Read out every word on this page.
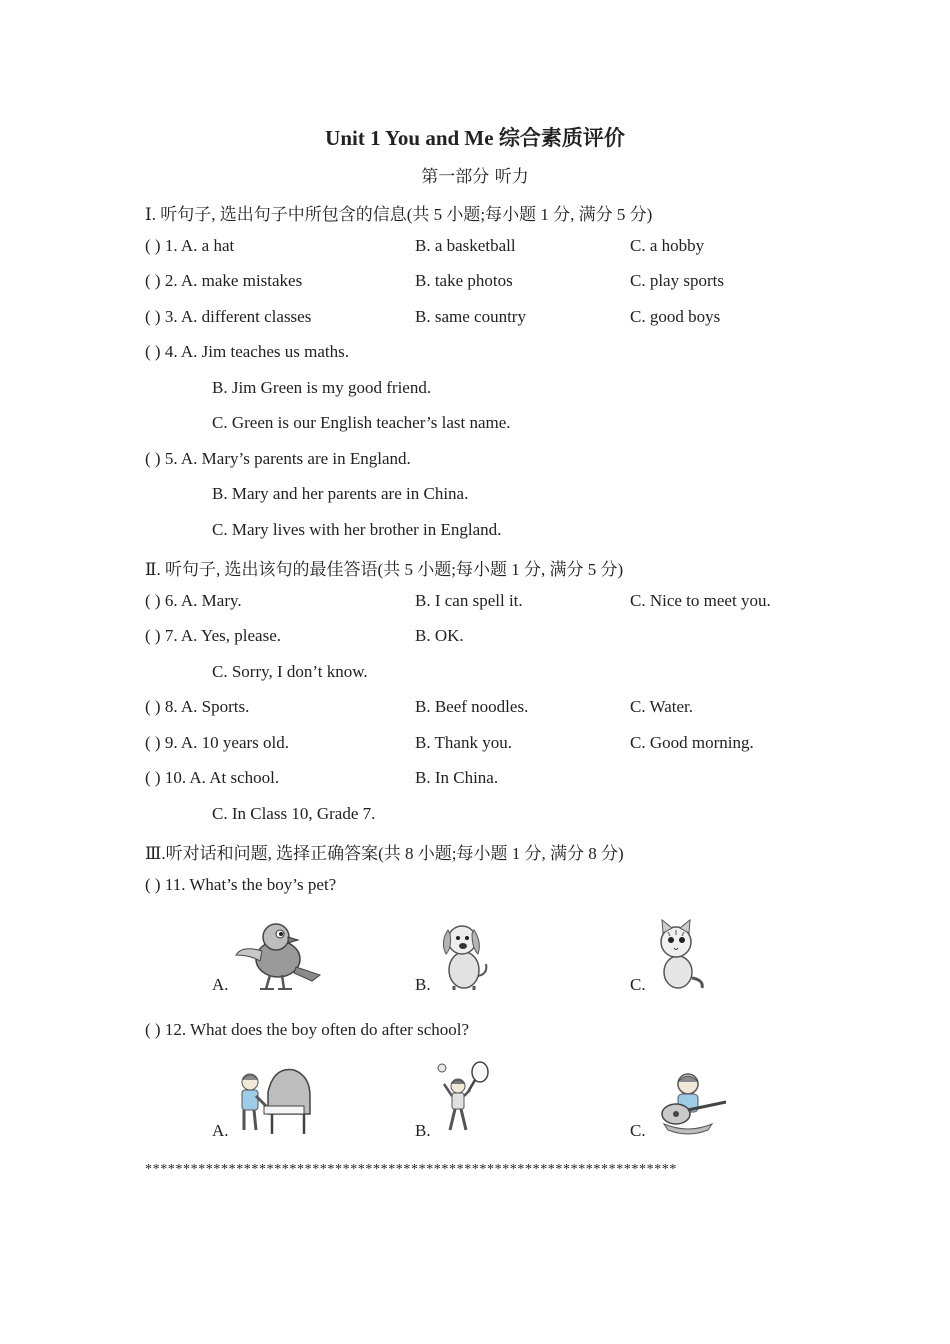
Unit 1 You and Me 综合素质评价
第一部分 听力
Ⅰ. 听句子, 选出句子中所包含的信息(共 5 小题;每小题 1 分, 满分 5 分)
( ) 1. A. a hat	B. a basketball	C. a hobby
( ) 2. A. make mistakes	B. take photos	C. play sports
( ) 3. A. different classes	B. same country	C. good boys
( ) 4. A. Jim teaches us maths.
B. Jim Green is my good friend.
C. Green is our English teacher’s last name.
( ) 5. A. Mary’s parents are in England.
B. Mary and her parents are in China.
C. Mary lives with her brother in England.
Ⅱ. 听句子, 选出该句的最佳答语(共 5 小题;每小题 1 分, 满分 5 分)
( ) 6. A. Mary.	B. I can spell it.	C. Nice to meet you.
( ) 7. A. Yes, please.	B. OK.
C. Sorry, I don’t know.
( ) 8. A. Sports.	B. Beef noodles.	C. Water.
( ) 9. A. 10 years old.	B. Thank you.	C. Good morning.
( ) 10. A. At school.	B. In China.
C. In Class 10, Grade 7.
Ⅲ.听对话和问题, 选择正确答案(共 8 小题;每小题 1 分, 满分 8 分)
( ) 11. What’s the boy’s pet?
A.	B.	C.
( ) 12. What does the boy often do after school?
A.	B.	C.
**********************************************************************
